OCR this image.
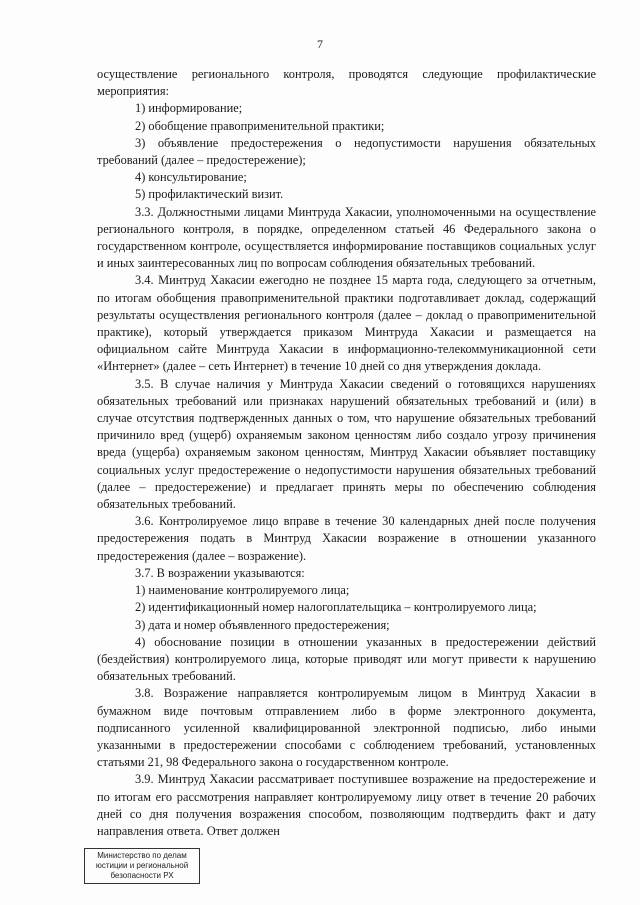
7

осуществление регионального контроля, проводятся следующие профилактические мероприятия:

1) информирование;

2) обобщение правоприменительной практики;

3) объявление предостережения о недопустимости нарушения обязательных требований (далее – предостережение);

4) консультирование;

5) профилактический визит.

3.3. Должностными лицами Минтруда Хакасии, уполномоченными на осуществление регионального контроля, в порядке, определенном статьей 46 Федерального закона о государственном контроле, осуществляется информирование поставщиков социальных услуг и иных заинтересованных лиц по вопросам соблюдения обязательных требований.

3.4. Минтруд Хакасии ежегодно не позднее 15 марта года, следующего за отчетным, по итогам обобщения правоприменительной практики подготавливает доклад, содержащий результаты осуществления регионального контроля (далее – доклад о правоприменительной практике), который утверждается приказом Минтруда Хакасии и размещается на официальном сайте Минтруда Хакасии в информационно-телекоммуникационной сети «Интернет» (далее – сеть Интернет) в течение 10 дней со дня утверждения доклада.

3.5. В случае наличия у Минтруда Хакасии сведений о готовящихся нарушениях обязательных требований или признаках нарушений обязательных требований и (или) в случае отсутствия подтвержденных данных о том, что нарушение обязательных требований причинило вред (ущерб) охраняемым законом ценностям либо создало угрозу причинения вреда (ущерба) охраняемым законом ценностям, Минтруд Хакасии объявляет поставщику социальных услуг предостережение о недопустимости нарушения обязательных требований (далее – предостережение) и предлагает принять меры по обеспечению соблюдения обязательных требований.

3.6. Контролируемое лицо вправе в течение 30 календарных дней после получения предостережения подать в Минтруд Хакасии возражение в отношении указанного предостережения (далее – возражение).

3.7. В возражении указываются:

1) наименование контролируемого лица;

2) идентификационный номер налогоплательщика – контролируемого лица;

3) дата и номер объявленного предостережения;

4) обоснование позиции в отношении указанных в предостережении действий (бездействия) контролируемого лица, которые приводят или могут привести к нарушению обязательных требований.

3.8. Возражение направляется контролируемым лицом в Минтруд Хакасии в бумажном виде почтовым отправлением либо в форме электронного документа, подписанного усиленной квалифицированной электронной подписью, либо иными указанными в предостережении способами с соблюдением требований, установленных статьями 21, 98 Федерального закона о государственном контроле.

3.9. Минтруд Хакасии рассматривает поступившее возражение на предостережение и по итогам его рассмотрения направляет контролируемому лицу ответ в течение 20 рабочих дней со дня получения возражения способом, позволяющим подтвердить факт и дату направления ответа. Ответ должен

Министерство по делам
юстиции и региональной
безопасности РХ
